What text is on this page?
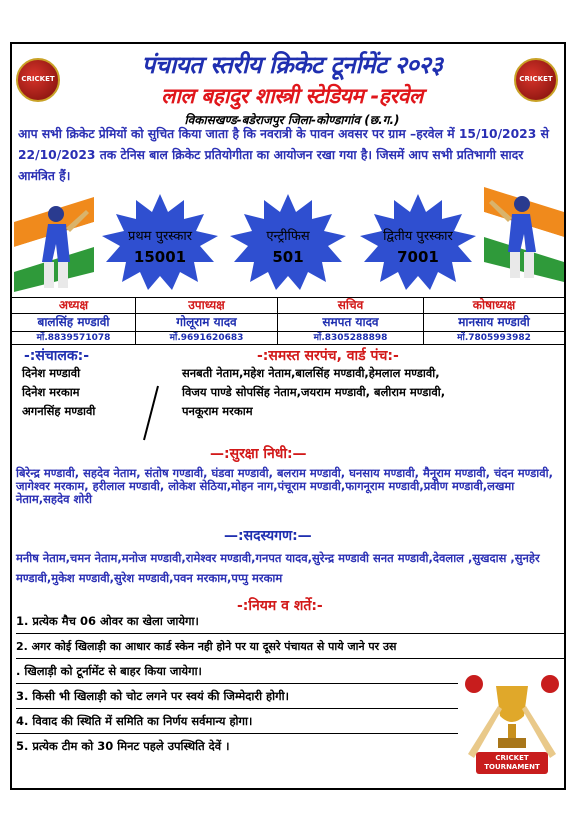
CRICKET	CRICKET
पंचायत स्तरीय क्रिकेट टूर्नामेंट २०२३
लाल बहादुर शास्त्री स्टेडियम -हरवेल
विकासखण्ड-बडेराजपुर जिला-कोण्डागांव (छ.ग.)
आप सभी क्रिकेट प्रेमियों को सुचित किया जाता है कि नवरात्री के पावन अवसर पर ग्राम –हरवेल में 15/10/2023 से 22/10/2023 तक टेनिस बाल क्रिकेट प्रतियोगीता का आयोजन रखा गया है। जिसमें आप सभी प्रतिभागी सादर आमंत्रित हैं।
प्रथम पुरस्कार
15001
एन्ट्रीफिस
501
द्वितीय पुरस्कार
7001
अध्यक्ष
बालसिंह मण्डावी
मों.8839571078
उपाध्यक्ष
गोलूराम यादव
मों.9691620683
सचिव
समपत यादव
मों.8305288898
कोषाध्यक्ष
मानसाय मण्डावी
मों.7805993982
-:संचालक:-
दिनेश मण्डावी
दिनेश मरकाम
अगनसिंह मण्डावी
-:समस्त सरपंच, वार्ड पंच:-
सनबती नेताम,महेश नेताम,बालसिंह मण्डावी,हेमलाल मण्डावी,
विजय पाण्डे सोपसिंह नेताम,जयराम मण्डावी, बलीराम मण्डावी,
पनकूराम मरकाम
—:सुरक्षा निधी:—
बिरेन्द्र मण्डावी, सहदेव नेताम, संतोष गण्डावी, घंडवा मण्डावी, बलराम मण्डावी, घनसाय मण्डावी, मैनूराम मण्डावी, चंदन मण्डावी, जागेश्वर मरकाम, हरीलाल मण्डावी, लोकेश सेठिया,मोहन नाग,पंचूराम मण्डावी,फागनूराम मण्डावी,प्रवीण मण्डावी,लखमा नेताम,सहदेव शोरी
—:सदस्यगण:—
मनीष नेताम,चमन नेताम,मनोज मण्डावी,रामेश्वर मण्डावी,गनपत यादव,सुरेन्द्र मण्डावी सनत मण्डावी,देवलाल ,सुखदास ,सुनहेर मण्डावी,मुकेश मण्डावी,सुरेश मण्डावी,पवन मरकाम,पप्पु मरकाम
-:नियम व शर्ते:-
1. प्रत्येक मैच 06 ओवर का खेला जायेगा।
2. अगर कोई खिलाड़ी का आधार कार्ड स्केन नही होने पर या दूसरे पंचायत से पाये जाने पर उस
. खिलाड़ी को टूर्नामेंट से बाहर किया जायेगा।
3. किसी भी खिलाड़ी को चोट लगने पर स्वयं की जिम्मेदारी होगी।
4. विवाद की स्थिति में समिति का निर्णय सर्वमान्य होगा।
5. प्रत्येक टीम को 30 मिनट पहले उपस्थिति देवें ।
CRICKET
TOURNAMENT
